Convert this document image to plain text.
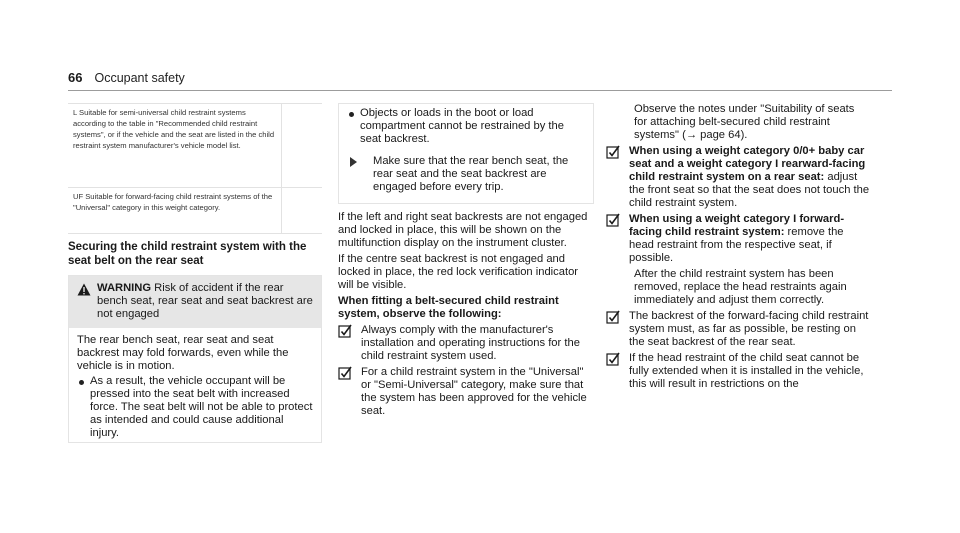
66 Occupant safety
L Suitable for semi-universal child restraint systems according to the table in "Recommended child restraint systems", or if the vehicle and the seat are listed in the child restraint system manufacturer's vehicle model list.
UF Suitable for forward-facing child restraint systems of the "Universal" category in this weight category.

Securing the child restraint system with the
seat belt on the rear seat

WARNING Risk of accident if the rear bench seat, rear seat and seat backrest are not engaged
The rear bench seat, rear seat and seat backrest may fold forwards, even while the vehicle is in motion.
As a result, the vehicle occupant will be pressed into the seat belt with increased force. The seat belt will not be able to protect as intended and could cause additional injury.
Objects or loads in the boot or load compartment cannot be restrained by the seat backrest.
Make sure that the rear bench seat, the rear seat and the seat backrest are engaged before every trip.

If the left and right seat backrests are not engaged and locked in place, this will be shown on the multifunction display on the instrument cluster.

If the centre seat backrest is not engaged and locked in place, the red lock verification indicator will be visible.

When fitting a belt-secured child restraint system, observe the following:

Always comply with the manufacturer's installation and operating instructions for the child restraint system used.
For a child restraint system in the "Universal" or "Semi-Universal" category, make sure that the system has been approved for the vehicle seat.

Observe the notes under "Suitability of seats for attaching belt-secured child restraint systems" (→ page 64).

When using a weight category 0/0+ baby car seat and a weight category I rearward-facing child restraint system on a rear seat: adjust the front seat so that the seat does not touch the child restraint system.
When using a weight category I forward-facing child restraint system: remove the head restraint from the respective seat, if possible.

After the child restraint system has been removed, replace the head restraints again immediately and adjust them correctly.

The backrest of the forward-facing child restraint system must, as far as possible, be resting on the seat backrest of the rear seat.
If the head restraint of the child seat cannot be fully extended when it is installed in the vehicle, this will result in restrictions on the
